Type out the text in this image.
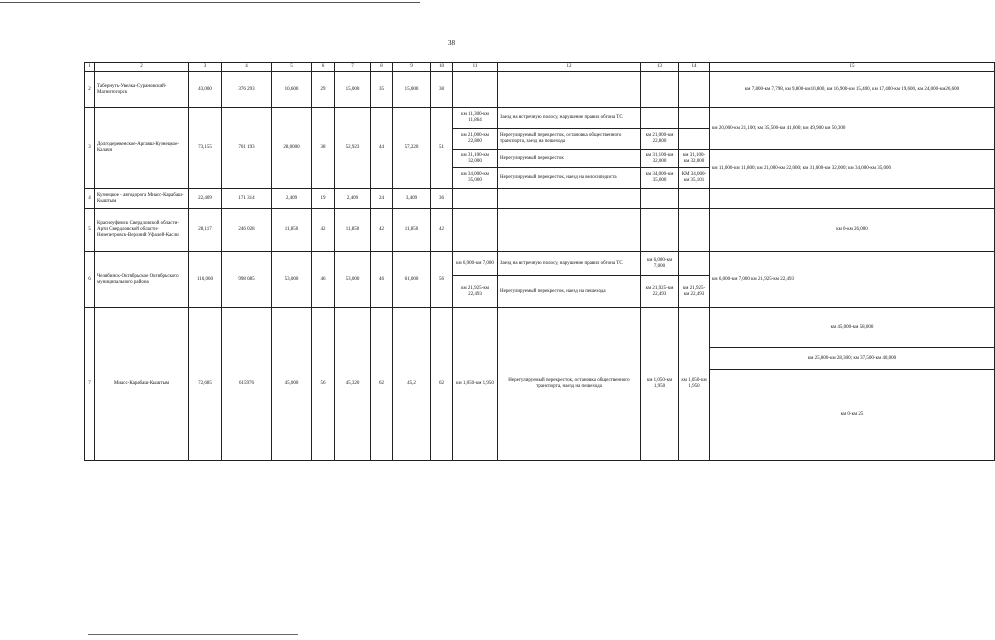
38
1	2	3	4	5	6	7	8	9	10	11	12	13	14	15
2	Табернуть-Увелка-Сурановский-Магнитогорск	43,000	376 293	10,600	29	15,000	35	15,000	38					км 7,800-км 7,798, км 9,800-км10,800, км 16,900-км 15,400, км 17,400-км 19,600, км 24,000-км26,600
3	Долгодеревенское-Аргаяш-Кузнецкое-Калачи	73,155	701 193	28,0000	38	52,923	44	57,220	51	км 11,300-км 11,864	Заезд на встречную полосу, нарушение правил обгона ТС			км 20,000-км 21,100; км 35,500-км 41,600; км 49,900 км 50,300
										км 21,000-км 22,800	Нерегулируемый перекресток, остановка общественного транспорта, заезд на пешехода	км 21,000-км 22,800		
										км 31,100-км 32,000	Нерегулируемый перекресток	км 31,100-км 32,000	км 31,100-км 32,000	км 11,000-км 11,800; км 21,000-км 22,000; км 31,000-км 32,000; км 34,000-км 35,000
										км 34,000-км 35,000	Нерегулируемый перекресток, наезд на велосипедиста	км 34,000-км 35,000	КМ 34,000-км 35,101	
4	Кузнецкое - автодорога Миасс-Карабаш-Кыштым	22,409	171 314	2,409	19	2,409	24	3,409	36					
5	Красноуфимск Свердловской области-Арти Свердловской области-Нязепетровск-Верхний Уфалей-Касли	28,117	246 028	11,850	42	11,850	42	11,850	42					км 0-км 26,000
6	Челябинск-Октябрьское Октябрьского муниципального района	116,060	998 085	53,000	46	53,000	46	61,000	56	км 6,900-км 7,000	Заезд на встречную полосу, нарушение правил обгона ТС	км 6,000-км 7,000		км 6,000-км 7,000 км 21,925-км 22,493
										км 21,925-км 22,493	Нерегулируемый перекресток, наезд на пешехода	км 21,925-км 22,493	км 21,925-км 22,493	
7	Миасс-Карабаш-Кыштым	72,685	615976	45,000	56	45,320	62	45,2	62	км 1,050-км 1,950	Нерегулируемый перекресток, остановка общественного транспорта, наезд на пешехода	км 1,050-км 1,950	км 1,050-км 1,950	км 45,000-км 58,000
														км 25,800-км 28,300; км 37,500-км 40,000
														км 0-км 25
